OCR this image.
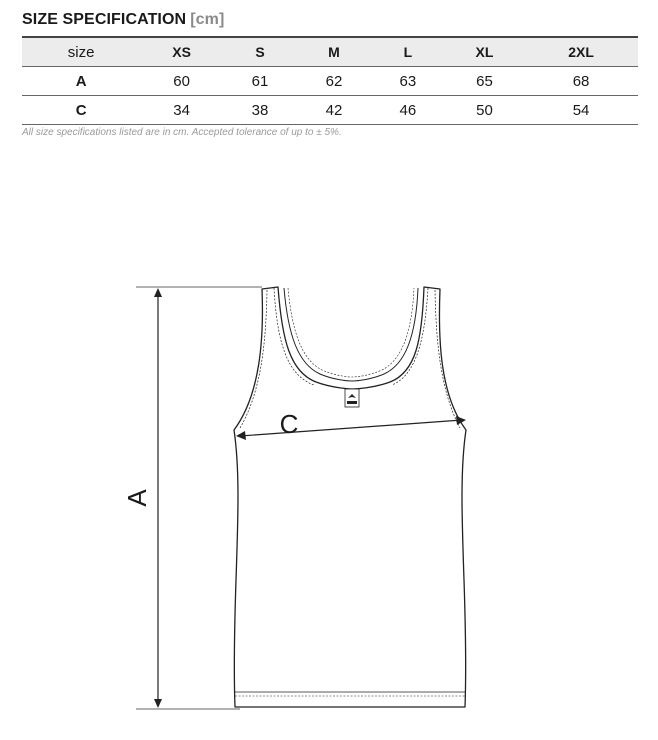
SIZE SPECIFICATION [cm]
size	XS	S	M	L	XL	2XL
A	60	61	62	63	65	68
C	34	38	42	46	50	54
All size specifications listed are in cm. Accepted tolerance of up to ± 5%.
A
C
